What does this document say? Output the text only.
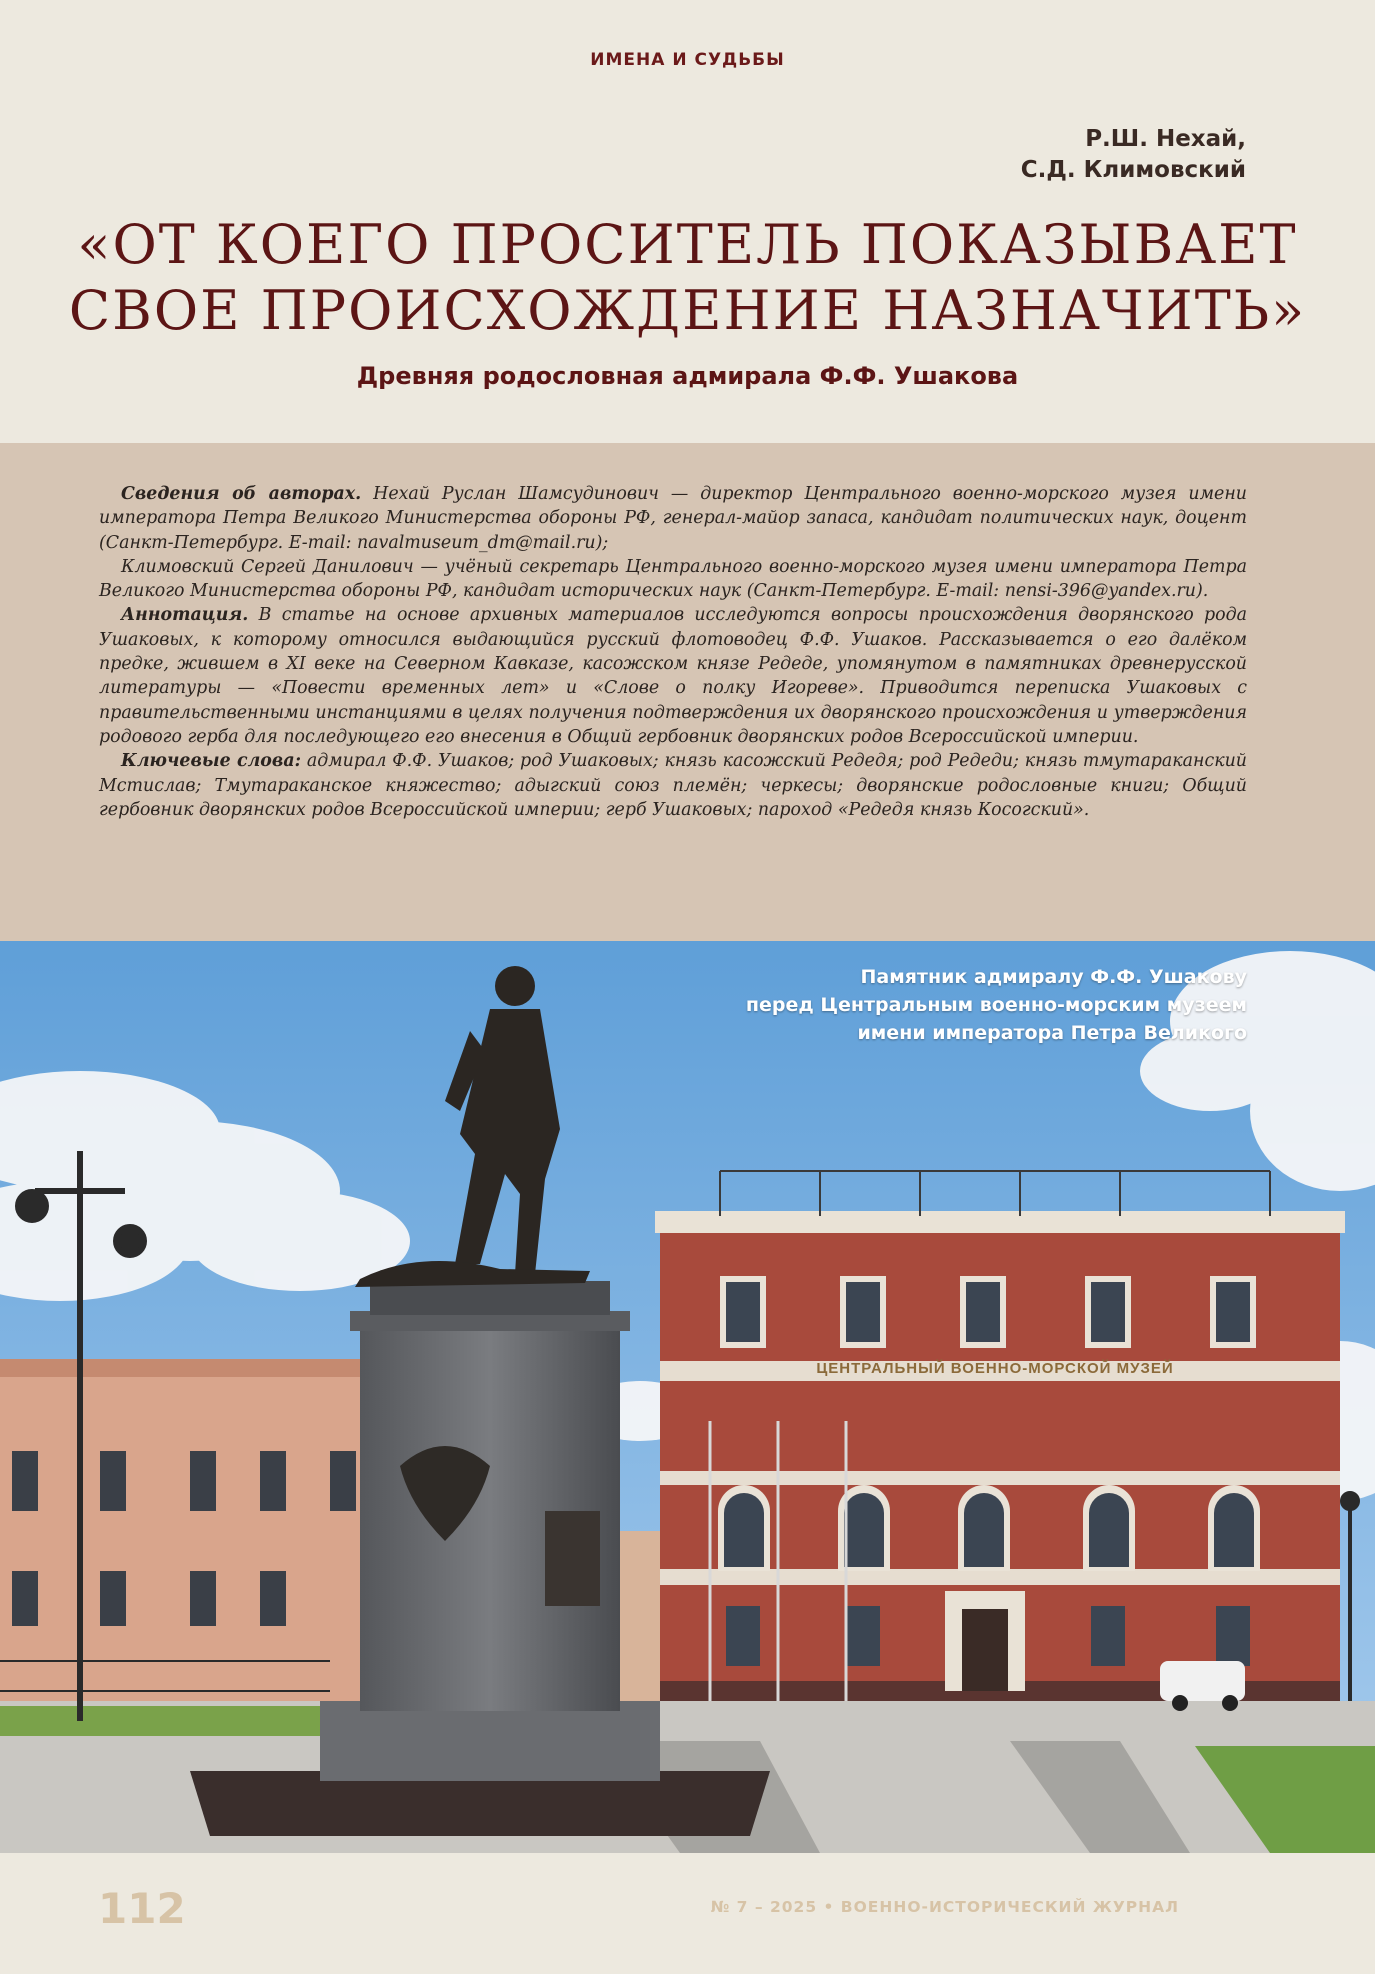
ИМЕНА И СУДЬБЫ
Р.Ш. Нехай,
С.Д. Климовский
«ОТ КОЕГО ПРОСИТЕЛЬ ПОКАЗЫВАЕТ
СВОЕ ПРОИСХОЖДЕНИЕ НАЗНАЧИТЬ»
Древняя родословная адмирала Ф.Ф. Ушакова

Сведения об авторах. Нехай Руслан Шамсудинович — директор Центрального военно-морского музея имени императора Петра Великого Министерства обороны РФ, генерал-майор запаса, кандидат политических наук, доцент (Санкт-Петербург. E-mail: navalmuseum_dm@mail.ru);

Климовский Сергей Данилович — учёный секретарь Центрального военно-морского музея имени императора Петра Великого Министерства обороны РФ, кандидат исторических наук (Санкт-Петербург. E-mail: nensi-396@yandex.ru).

Аннотация. В статье на основе архивных материалов исследуются вопросы происхождения дворянского рода Ушаковых, к которому относился выдающийся русский флотоводец Ф.Ф. Ушаков. Рассказывается о его далёком предке, жившем в XI веке на Северном Кавказе, касожском князе Редеде, упомянутом в памятниках древнерусской литературы — «Повести временных лет» и «Слове о полку Игореве». Приводится переписка Ушаковых с правительственными инстанциями в целях получения подтверждения их дворянского происхождения и утверждения родового герба для последующего его внесения в Общий гербовник дворянских родов Всероссийской империи.

Ключевые слова: адмирал Ф.Ф. Ушаков; род Ушаковых; князь касожский Редедя; род Редеди; князь тмутараканский Мстислав; Тмутараканское княжество; адыгский союз племён; черкесы; дворянские родословные книги; Общий гербовник дворянских родов Всероссийской империи; герб Ушаковых; пароход «Редедя князь Косогский».

ЦЕНТРАЛЬНЫЙ ВОЕННО-МОРСКОЙ МУЗЕЙ
Памятник адмиралу Ф.Ф. Ушакову
перед Центральным военно-морским музеем
имени императора Петра Великого
112	№ 7 – 2025 • ВОЕННО-ИСТОРИЧЕСКИЙ ЖУРНАЛ
